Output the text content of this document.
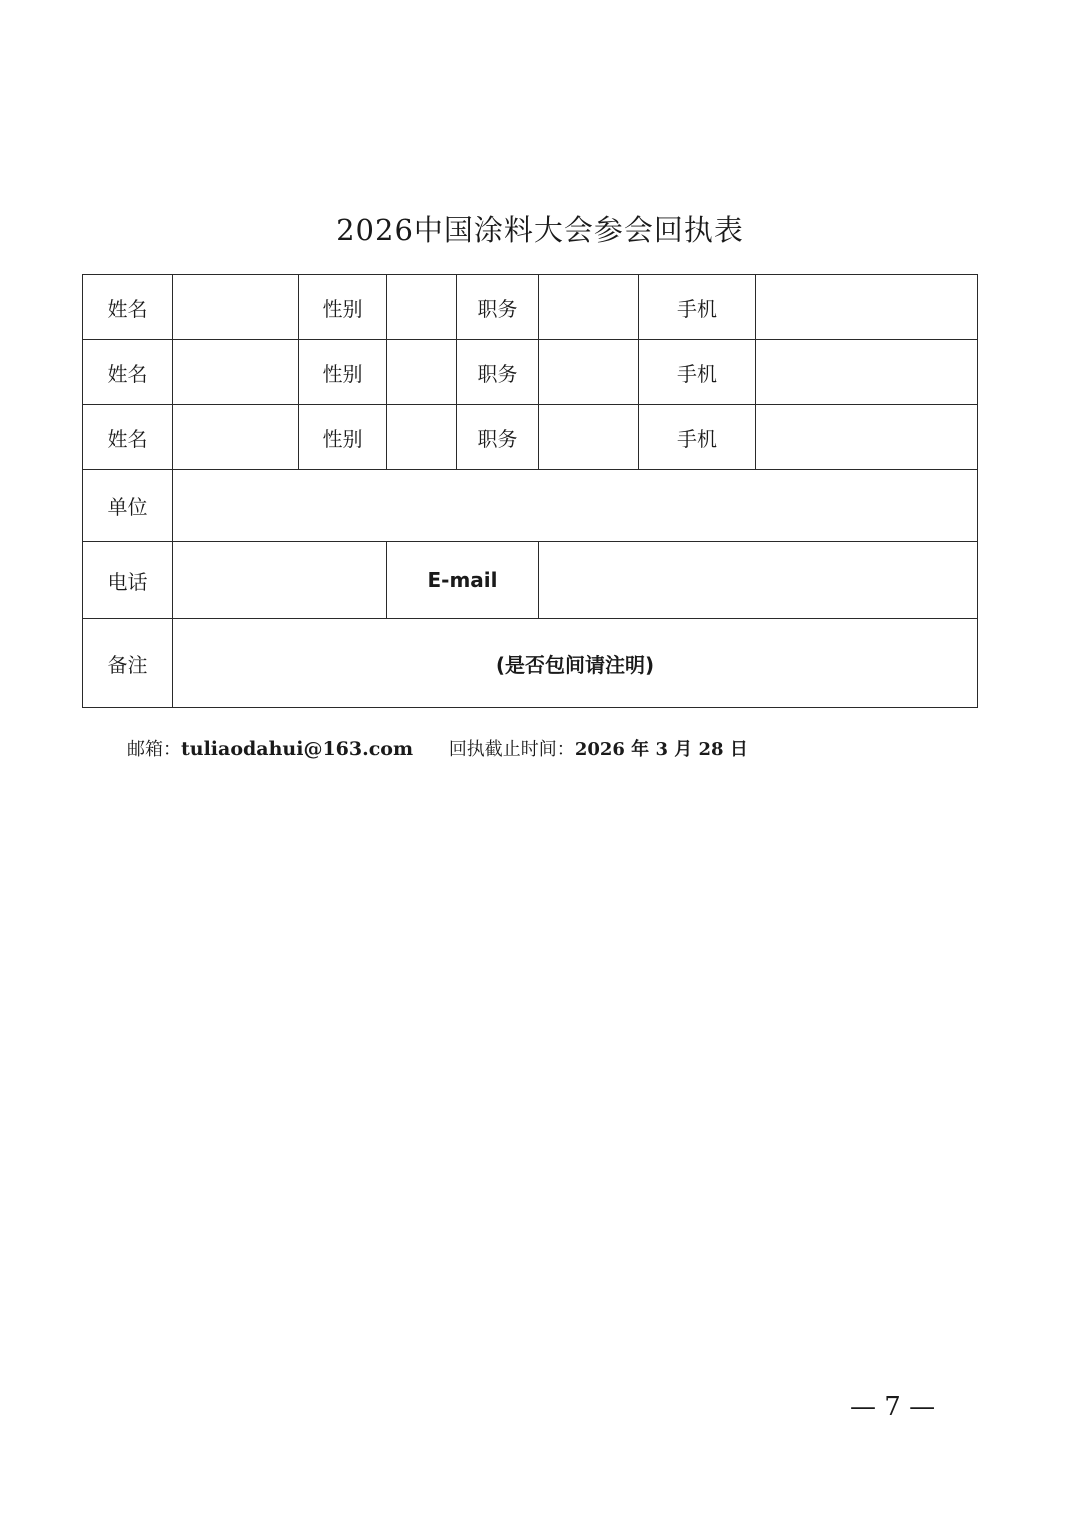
2026中国涂料大会参会回执表
姓名		性别		职务		手机	
姓名		性别		职务		手机	
姓名		性别		职务		手机	
单位							
电话			E-mail				
备注	(是否包间请注明)						
邮箱：tuliaodahui@163.com 回执截止时间：2026 年 3 月 28 日
— 7 —
